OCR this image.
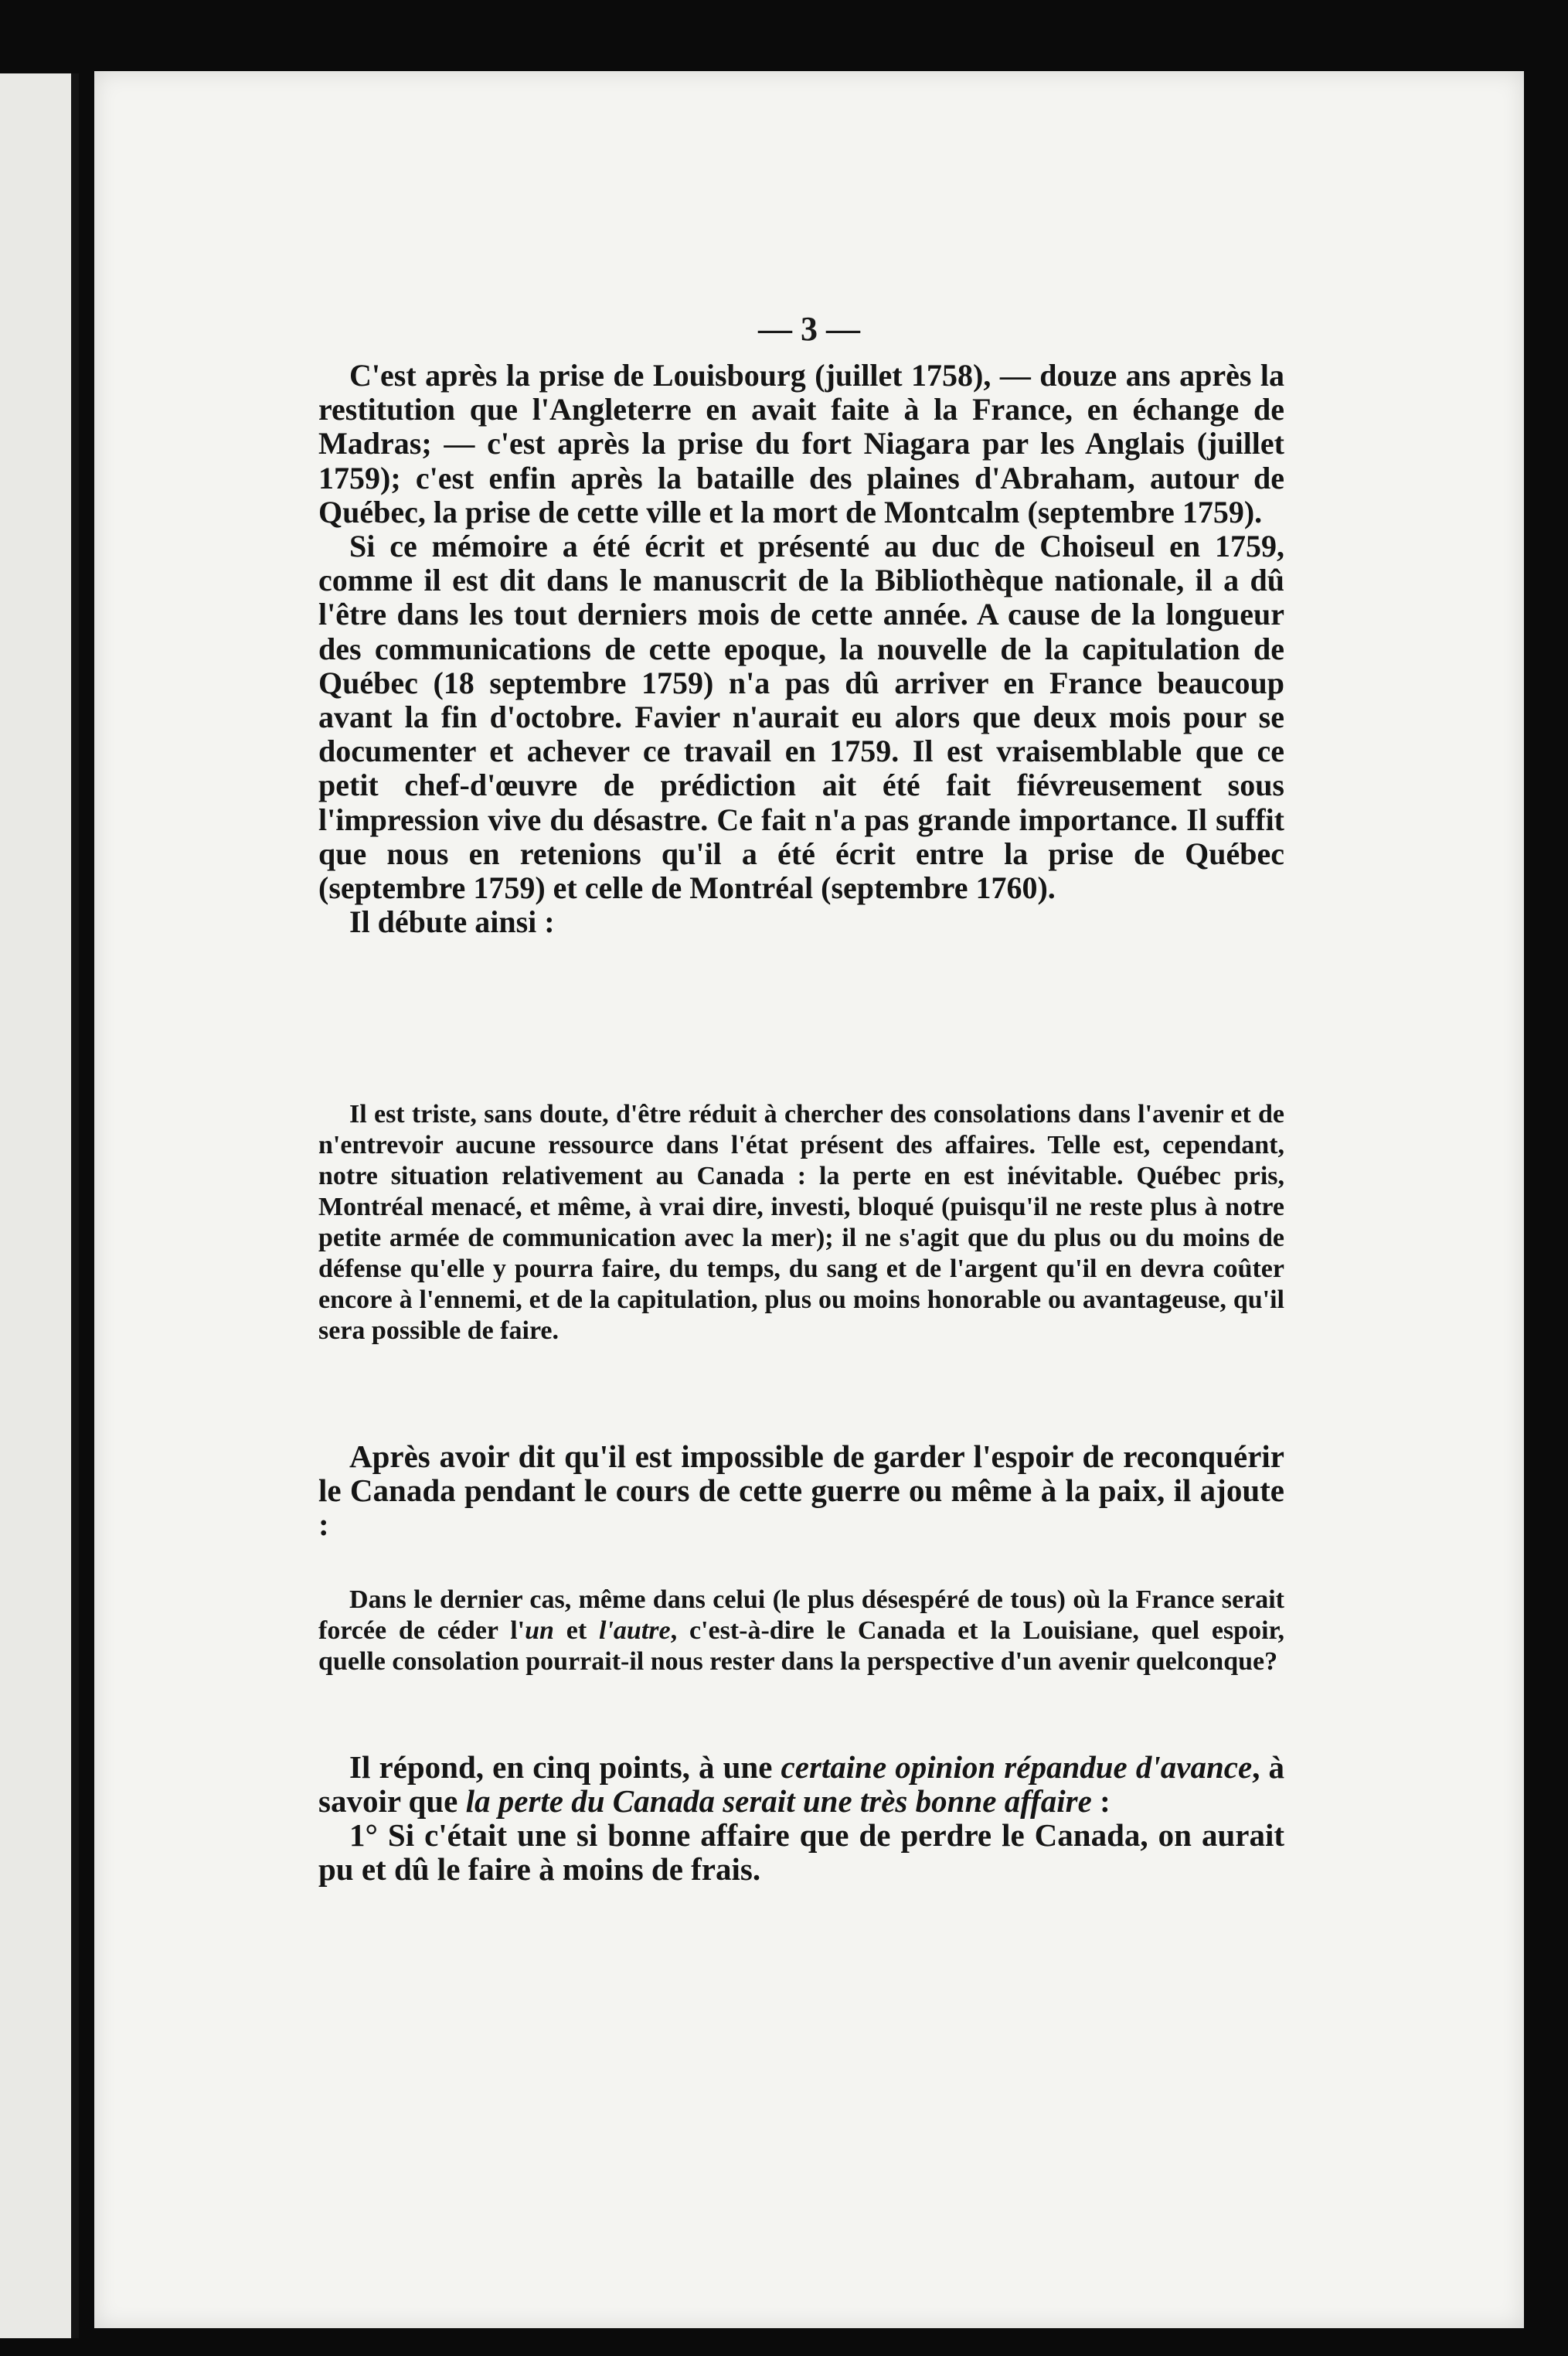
— 3 —

C'est après la prise de Louisbourg (juillet 1758), — douze ans après la restitution que l'Angleterre en avait faite à la France, en échange de Madras; — c'est après la prise du fort Niagara par les Anglais (juillet 1759); c'est enfin après la bataille des plaines d'Abraham, autour de Québec, la prise de cette ville et la mort de Montcalm (septembre 1759).

Si ce mémoire a été écrit et présenté au duc de Choiseul en 1759, comme il est dit dans le manuscrit de la Bibliothèque nationale, il a dû l'être dans les tout derniers mois de cette année. A cause de la longueur des communications de cette epoque, la nouvelle de la capitulation de Québec (18 septembre 1759) n'a pas dû arriver en France beaucoup avant la fin d'octobre. Favier n'aurait eu alors que deux mois pour se documenter et achever ce travail en 1759. Il est vraisemblable que ce petit chef-d'œuvre de prédiction ait été fait fiévreusement sous l'impression vive du désastre. Ce fait n'a pas grande importance. Il suffit que nous en retenions qu'il a été écrit entre la prise de Québec (septembre 1759) et celle de Montréal (septembre 1760).

Il débute ainsi :

Il est triste, sans doute, d'être réduit à chercher des consolations dans l'avenir et de n'entrevoir aucune ressource dans l'état présent des affaires. Telle est, cependant, notre situation relativement au Canada : la perte en est inévitable. Québec pris, Montréal menacé, et même, à vrai dire, investi, bloqué (puisqu'il ne reste plus à notre petite armée de communication avec la mer); il ne s'agit que du plus ou du moins de défense qu'elle y pourra faire, du temps, du sang et de l'argent qu'il en devra coûter encore à l'ennemi, et de la capitulation, plus ou moins honorable ou avantageuse, qu'il sera possible de faire.

Après avoir dit qu'il est impossible de garder l'espoir de reconquérir le Canada pendant le cours de cette guerre ou même à la paix, il ajoute :

Dans le dernier cas, même dans celui (le plus désespéré de tous) où la France serait forcée de céder l'un et l'autre, c'est-à-dire le Canada et la Louisiane, quel espoir, quelle consolation pourrait-il nous rester dans la perspective d'un avenir quelconque?

Il répond, en cinq points, à une certaine opinion répandue d'avance, à savoir que la perte du Canada serait une très bonne affaire :

1° Si c'était une si bonne affaire que de perdre le Canada, on aurait pu et dû le faire à moins de frais.
